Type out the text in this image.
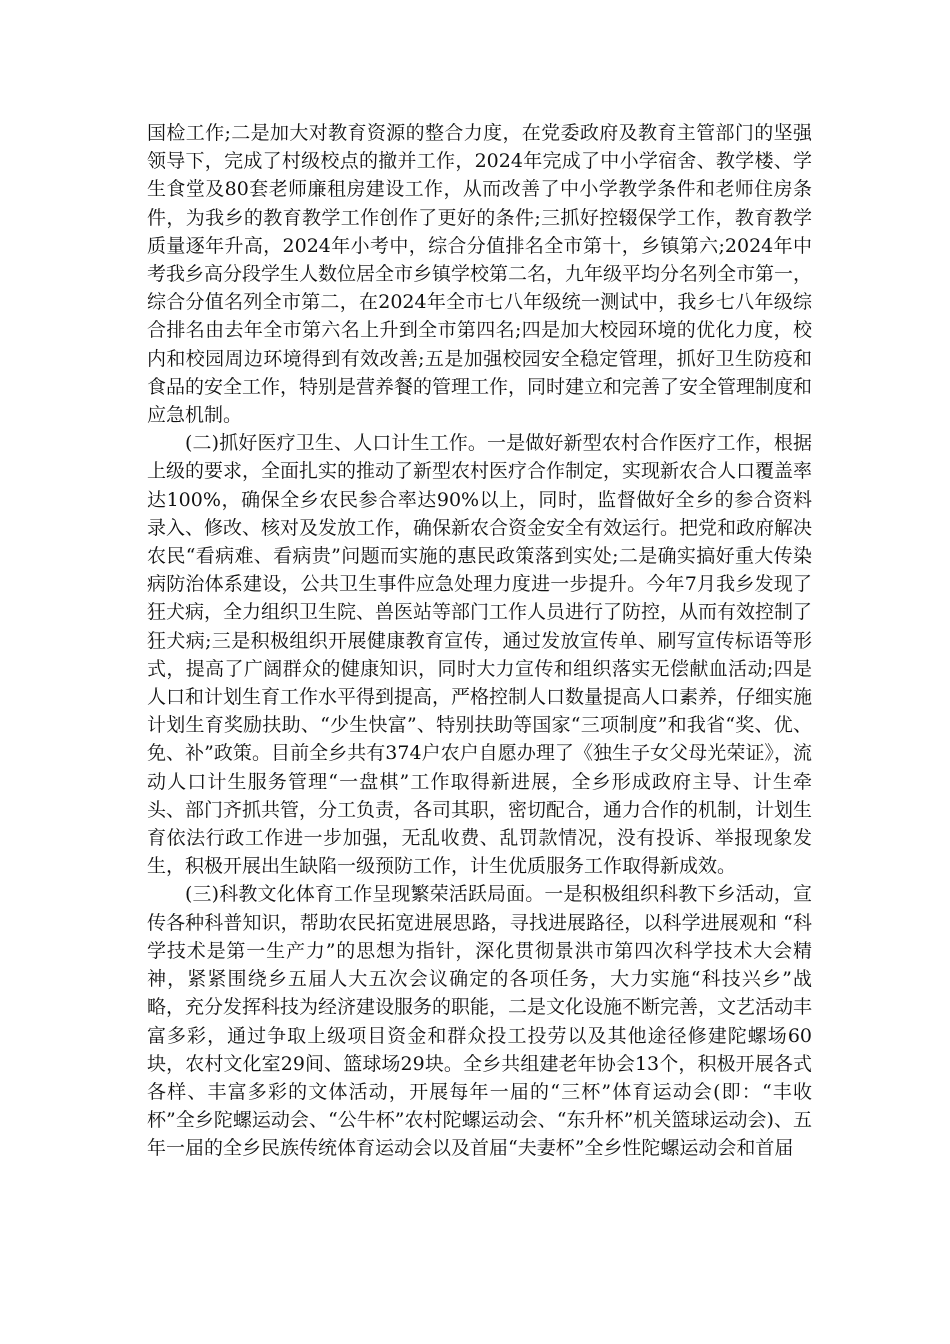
国检工作;二是加大对教育资源的整合力度，在党委政府及教育主管部门的坚强领导下，完成了村级校点的撤并工作，2024年完成了中小学宿舍、教学楼、学生食堂及80套老师廉租房建设工作，从而改善了中小学教学条件和老师住房条件，为我乡的教育教学工作创作了更好的条件;三抓好控辍保学工作，教育教学质量逐年升高，2024年小考中，综合分值排名全市第十，乡镇第六;2024年中考我乡高分段学生人数位居全市乡镇学校第二名，九年级平均分名列全市第一，综合分值名列全市第二，在2024年全市七八年级统一测试中，我乡七八年级综合排名由去年全市第六名上升到全市第四名;四是加大校园环境的优化力度，校内和校园周边环境得到有效改善;五是加强校园安全稳定管理，抓好卫生防疫和食品的安全工作，特别是营养餐的管理工作，同时建立和完善了安全管理制度和应急机制。

(二)抓好医疗卫生、人口计生工作。一是做好新型农村合作医疗工作，根据上级的要求，全面扎实的推动了新型农村医疗合作制定，实现新农合人口覆盖率达100%，确保全乡农民参合率达90%以上，同时，监督做好全乡的参合资料录入、修改、核对及发放工作，确保新农合资金安全有效运行。把党和政府解决农民“看病难、看病贵”问题而实施的惠民政策落到实处;二是确实搞好重大传染病防治体系建设，公共卫生事件应急处理力度进一步提升。今年7月我乡发现了狂犬病，全力组织卫生院、兽医站等部门工作人员进行了防控，从而有效控制了狂犬病;三是积极组织开展健康教育宣传，通过发放宣传单、刷写宣传标语等形式，提高了广阔群众的健康知识，同时大力宣传和组织落实无偿献血活动;四是人口和计划生育工作水平得到提高，严格控制人口数量提高人口素养，仔细实施计划生育奖励扶助、“少生快富”、特别扶助等国家“三项制度”和我省“奖、优、免、补”政策。目前全乡共有374户农户自愿办理了《独生子女父母光荣证》，流动人口计生服务管理“一盘棋”工作取得新进展，全乡形成政府主导、计生牵头、部门齐抓共管，分工负责，各司其职，密切配合，通力合作的机制，计划生育依法行政工作进一步加强，无乱收费、乱罚款情况，没有投诉、举报现象发生，积极开展出生缺陷一级预防工作，计生优质服务工作取得新成效。

(三)科教文化体育工作呈现繁荣活跃局面。一是积极组织科教下乡活动，宣传各种科普知识，帮助农民拓宽进展思路，寻找进展路径，以科学进展观和 “科学技术是第一生产力”的思想为指针，深化贯彻景洪市第四次科学技术大会精神，紧紧围绕乡五届人大五次会议确定的各项任务，大力实施“科技兴乡”战略，充分发挥科技为经济建设服务的职能，二是文化设施不断完善，文艺活动丰富多彩，通过争取上级项目资金和群众投工投劳以及其他途径修建陀螺场60块，农村文化室29间、篮球场29块。全乡共组建老年协会13个，积极开展各式各样、丰富多彩的文体活动，开展每年一届的“三杯”体育运动会(即：“丰收杯”全乡陀螺运动会、“公牛杯”农村陀螺运动会、“东升杯”机关篮球运动会)、五年一届的全乡民族传统体育运动会以及首届“夫妻杯”全乡性陀螺运动会和首届
